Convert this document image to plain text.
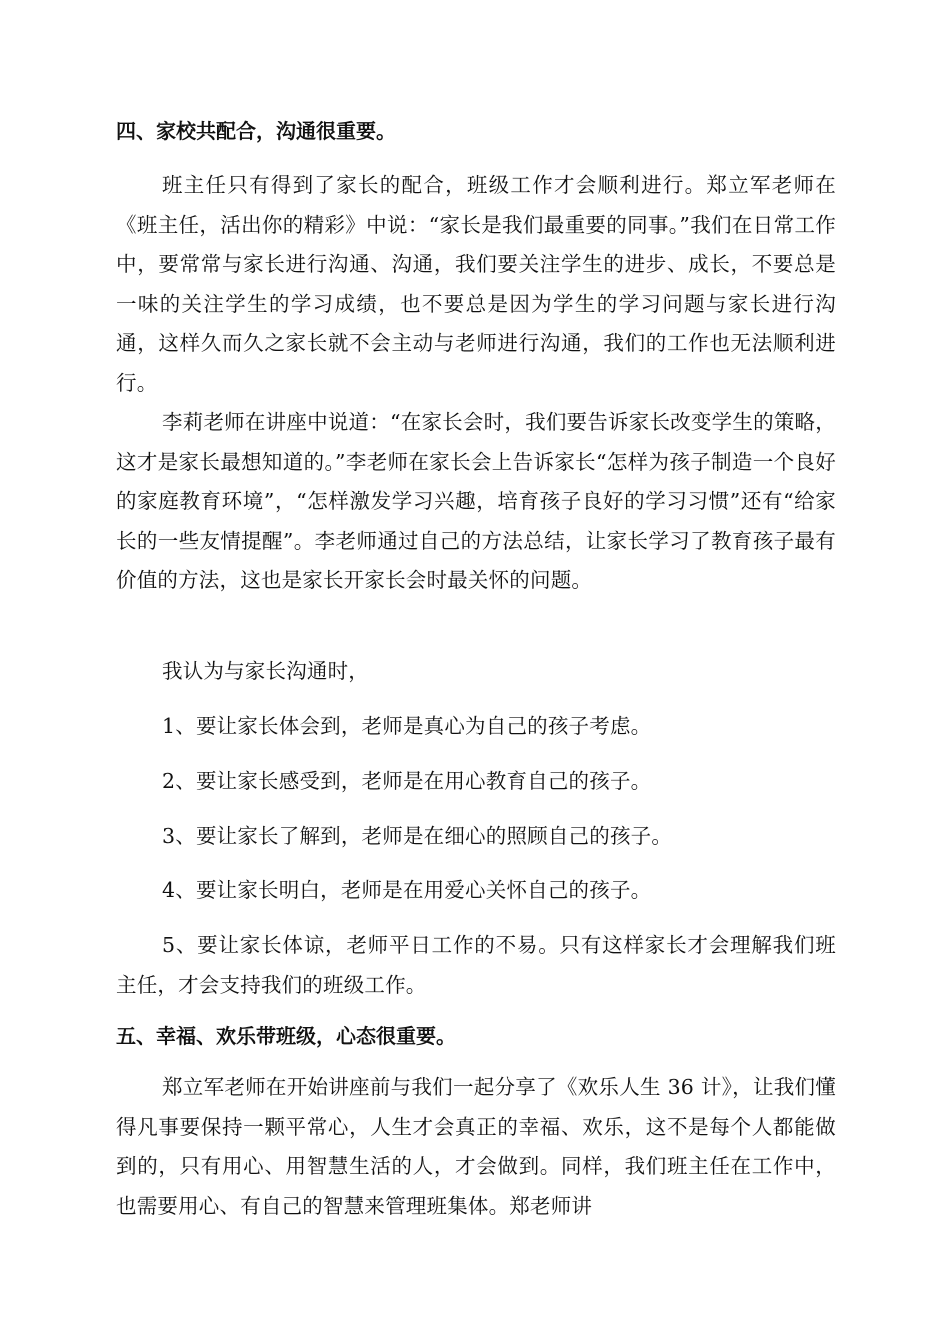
四、家校共配合，沟通很重要。
班主任只有得到了家长的配合，班级工作才会顺利进行。郑立军老师在《班主任，活出你的精彩》中说：“家长是我们最重要的同事。”我们在日常工作中，要常常与家长进行沟通、沟通，我们要关注学生的进步、成长，不要总是一味的关注学生的学习成绩，也不要总是因为学生的学习问题与家长进行沟通，这样久而久之家长就不会主动与老师进行沟通，我们的工作也无法顺利进行。
李莉老师在讲座中说道：“在家长会时，我们要告诉家长改变学生的策略，这才是家长最想知道的。”李老师在家长会上告诉家长“怎样为孩子制造一个良好的家庭教育环境”，“怎样激发学习兴趣，培育孩子良好的学习习惯”还有“给家长的一些友情提醒”。李老师通过自己的方法总结，让家长学习了教育孩子最有价值的方法，这也是家长开家长会时最关怀的问题。
我认为与家长沟通时，
1、要让家长体会到，老师是真心为自己的孩子考虑。
2、要让家长感受到，老师是在用心教育自己的孩子。
3、要让家长了解到，老师是在细心的照顾自己的孩子。
4、要让家长明白，老师是在用爱心关怀自己的孩子。
5、要让家长体谅，老师平日工作的不易。只有这样家长才会理解我们班主任，才会支持我们的班级工作。
五、幸福、欢乐带班级，心态很重要。
郑立军老师在开始讲座前与我们一起分享了《欢乐人生 36 计》，让我们懂得凡事要保持一颗平常心，人生才会真正的幸福、欢乐，这不是每个人都能做到的，只有用心、用智慧生活的人，才会做到。同样，我们班主任在工作中，也需要用心、有自己的智慧来管理班集体。郑老师讲
